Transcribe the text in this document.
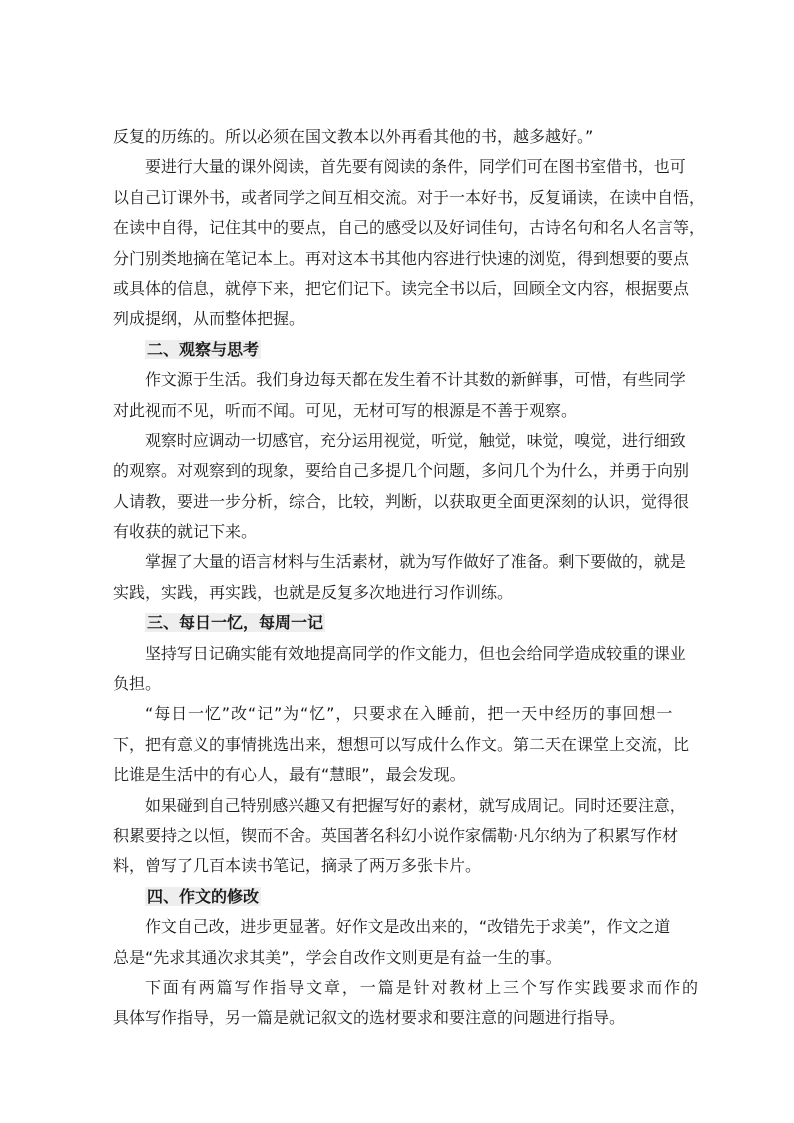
反复的历练的。所以必须在国文教本以外再看其他的书，越多越好。”
要进行大量的课外阅读，首先要有阅读的条件，同学们可在图书室借书，也可
以自己订课外书，或者同学之间互相交流。对于一本好书，反复诵读，在读中自悟，
在读中自得，记住其中的要点，自己的感受以及好词佳句，古诗名句和名人名言等，
分门别类地摘在笔记本上。再对这本书其他内容进行快速的浏览，得到想要的要点
或具体的信息，就停下来，把它们记下。读完全书以后，回顾全文内容，根据要点
列成提纲，从而整体把握。
二、观察与思考
作文源于生活。我们身边每天都在发生着不计其数的新鲜事，可惜，有些同学
对此视而不见，听而不闻。可见，无材可写的根源是不善于观察。
观察时应调动一切感官，充分运用视觉，听觉，触觉，味觉，嗅觉，进行细致
的观察。对观察到的现象，要给自己多提几个问题，多问几个为什么，并勇于向别
人请教，要进一步分析，综合，比较，判断，以获取更全面更深刻的认识，觉得很
有收获的就记下来。
掌握了大量的语言材料与生活素材，就为写作做好了准备。剩下要做的，就是
实践，实践，再实践，也就是反复多次地进行习作训练。
三、每日一忆，每周一记
坚持写日记确实能有效地提高同学的作文能力，但也会给同学造成较重的课业
负担。
“每日一忆”改“记”为“忆”，只要求在入睡前，把一天中经历的事回想一
下，把有意义的事情挑选出来，想想可以写成什么作文。第二天在课堂上交流，比
比谁是生活中的有心人，最有“慧眼”，最会发现。
如果碰到自己特别感兴趣又有把握写好的素材，就写成周记。同时还要注意，
积累要持之以恒，锲而不舍。英国著名科幻小说作家儒勒·凡尔纳为了积累写作材
料，曾写了几百本读书笔记，摘录了两万多张卡片。
四、作文的修改
作文自己改，进步更显著。好作文是改出来的，“改错先于求美”，作文之道
总是“先求其通次求其美”，学会自改作文则更是有益一生的事。
下面有两篇写作指导文章，一篇是针对教材上三个写作实践要求而作的
具体写作指导，另一篇是就记叙文的选材要求和要注意的问题进行指导。
